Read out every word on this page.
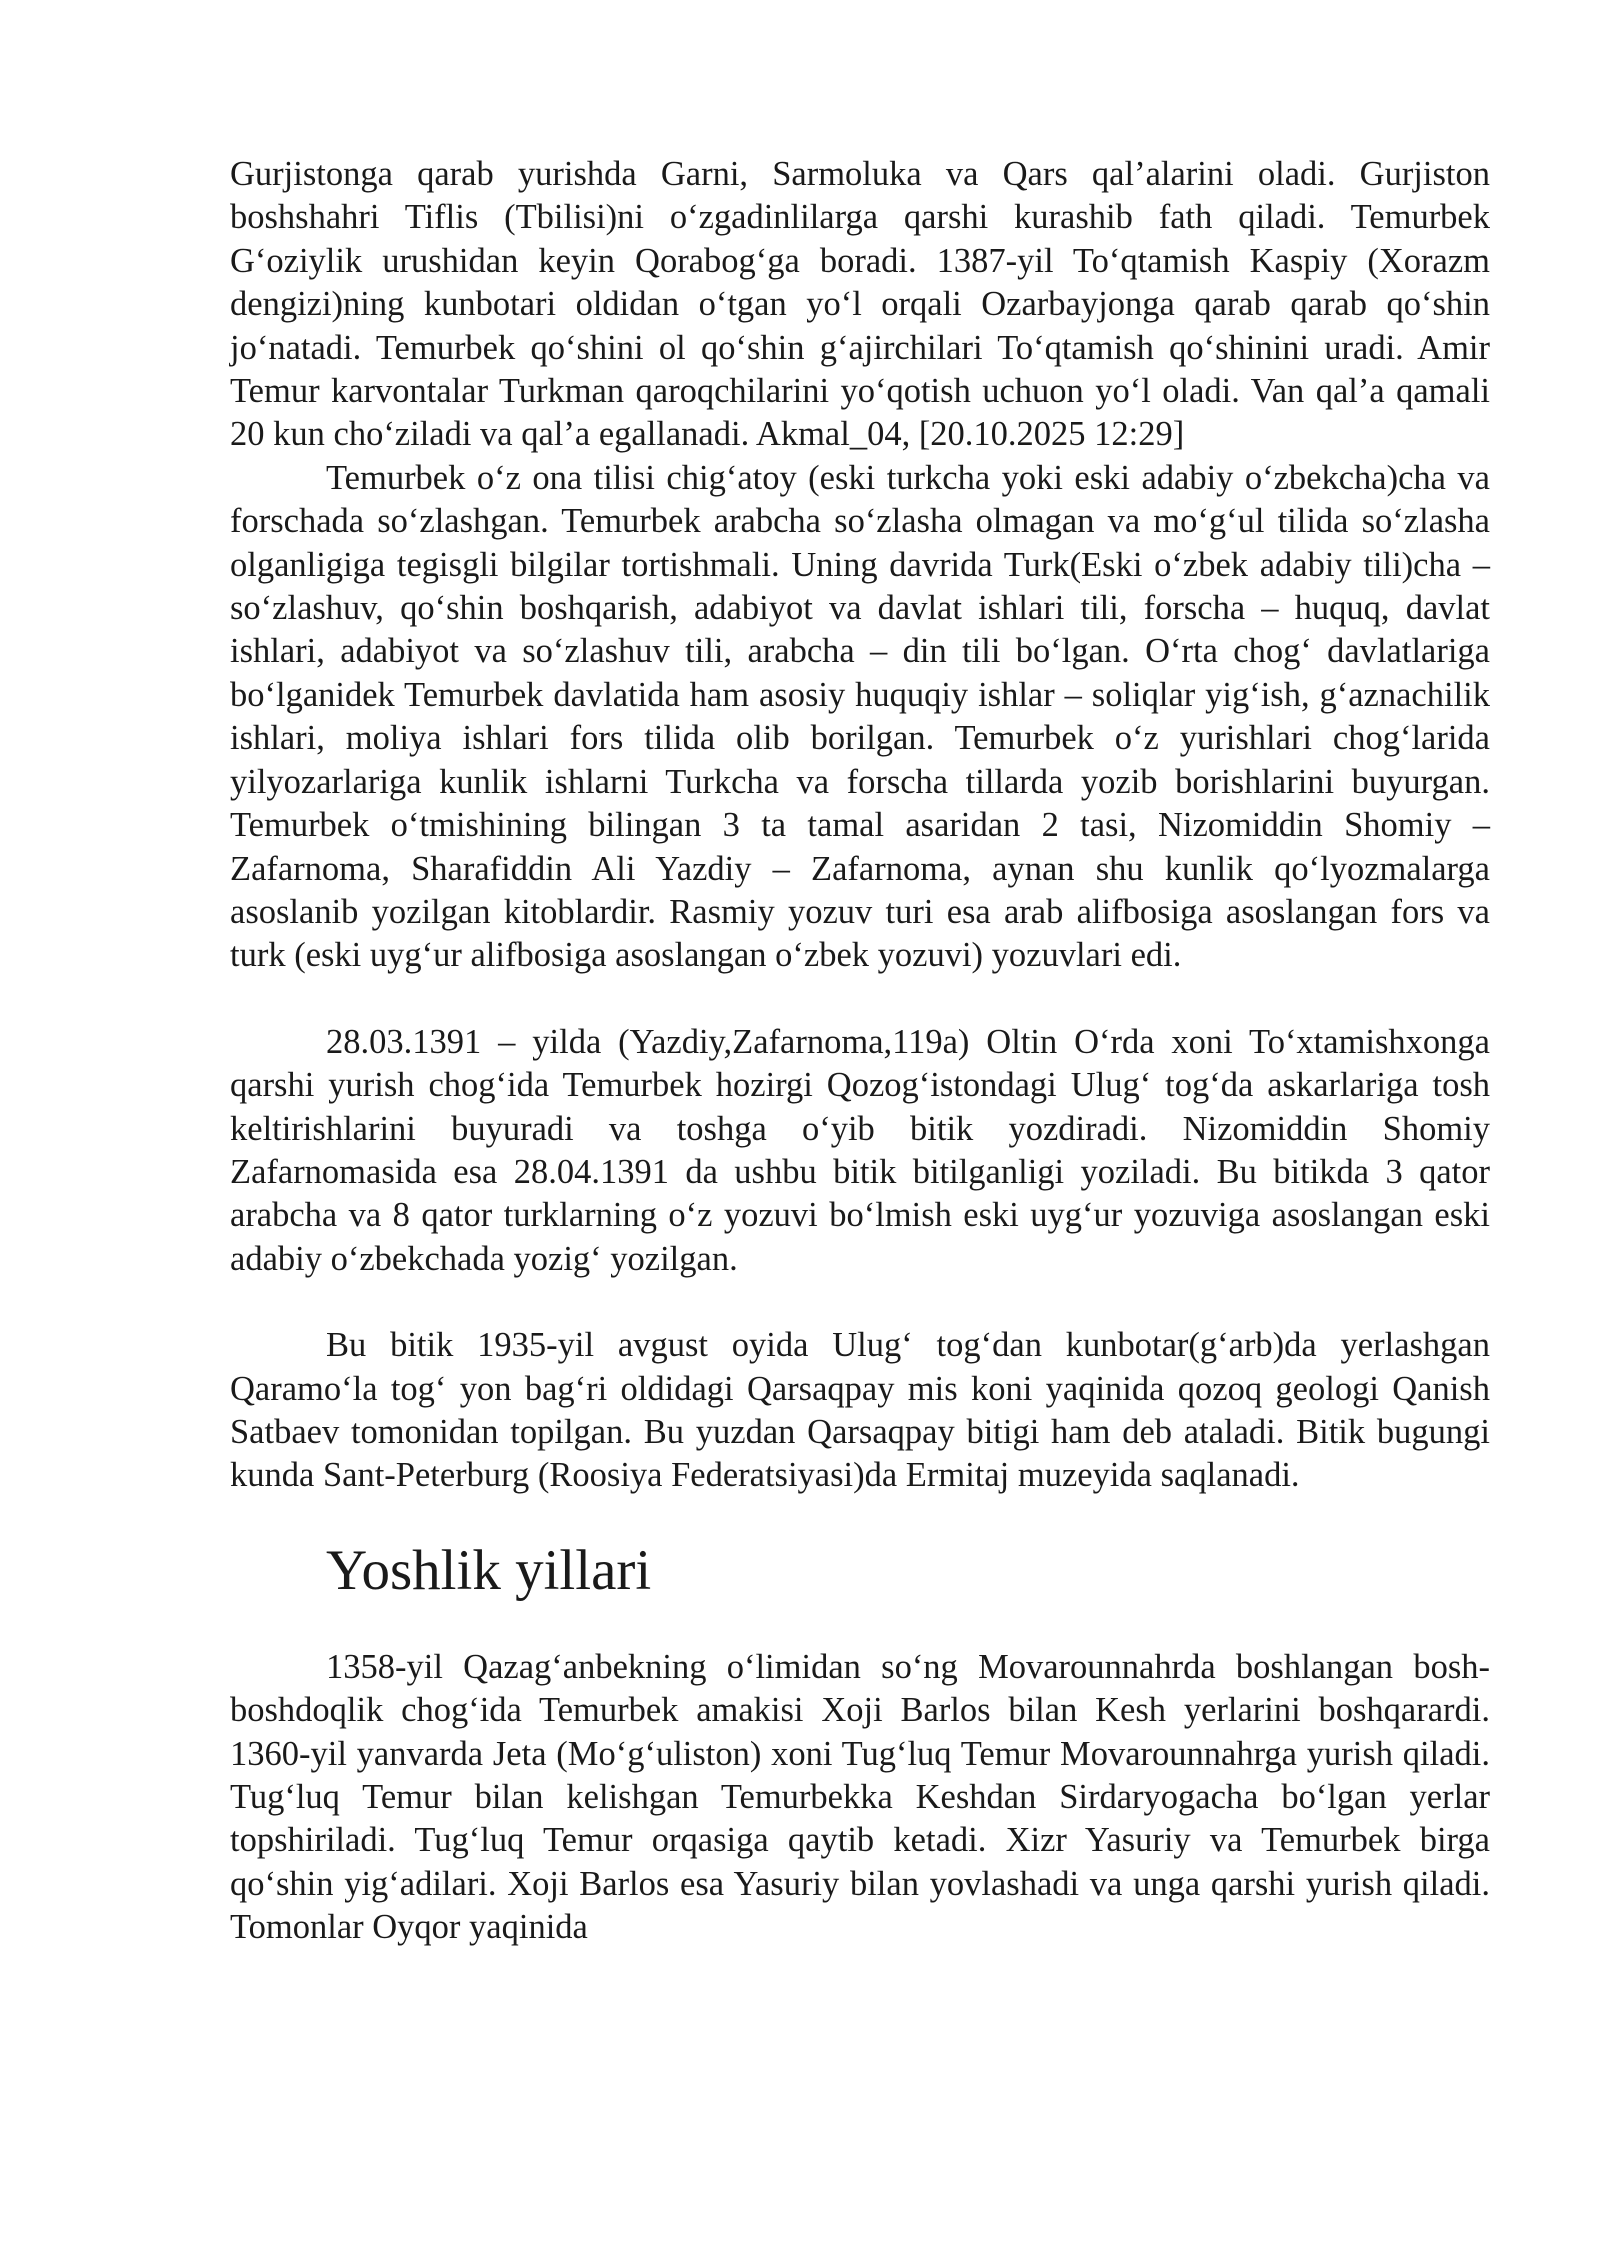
Gurjistonga qarab yurishda Garni, Sarmoluka va Qars qal’alarini oladi. Gurjiston boshshahri Tiflis (Tbilisi)ni o‘zgadinlilarga qarshi kurashib fath qiladi. Temurbek G‘oziylik urushidan keyin Qorabog‘ga boradi. 1387-yil To‘qtamish Kaspiy (Xorazm dengizi)ning kunbotari oldidan o‘tgan yo‘l orqali Ozarbayjonga qarab qarab qo‘shin jo‘natadi. Temurbek qo‘shini ol qo‘shin g‘ajirchilari To‘qtamish qo‘shinini uradi. Amir Temur karvontalar Turkman qaroqchilarini yo‘qotish uchuon yo‘l oladi. Van qal’a qamali 20 kun cho‘ziladi va qal’a egallanadi. Akmal_04, [20.10.2025 12:29]

Temurbek o‘z ona tilisi chig‘atoy (eski turkcha yoki eski adabiy o‘zbekcha)cha va forschada so‘zlashgan. Temurbek arabcha so‘zlasha olmagan va mo‘g‘ul tilida so‘zlasha olganligiga tegisgli bilgilar tortishmali. Uning davrida Turk(Eski o‘zbek adabiy tili)cha – so‘zlashuv, qo‘shin boshqarish, adabiyot va davlat ishlari tili, forscha – huquq, davlat ishlari, adabiyot va so‘zlashuv tili, arabcha – din tili bo‘lgan. O‘rta chog‘ davlatlariga bo‘lganidek Temurbek davlatida ham asosiy huquqiy ishlar – soliqlar yig‘ish, g‘aznachilik ishlari, moliya ishlari fors tilida olib borilgan. Temurbek o‘z yurishlari chog‘larida yilyozarlariga kunlik ishlarni Turkcha va forscha tillarda yozib borishlarini buyurgan. Temurbek o‘tmishining bilingan 3 ta tamal asaridan 2 tasi, Nizomiddin Shomiy – Zafarnoma, Sharafiddin Ali Yazdiy – Zafarnoma, aynan shu kunlik qo‘lyozmalarga asoslanib yozilgan kitoblardir. Rasmiy yozuv turi esa arab alifbosiga asoslangan fors va turk (eski uyg‘ur alifbosiga asoslangan o‘zbek yozuvi) yozuvlari edi.

28.03.1391 – yilda (Yazdiy,Zafarnoma,119a) Oltin O‘rda xoni To‘xtamishxonga qarshi yurish chog‘ida Temurbek hozirgi Qozog‘istondagi Ulug‘ tog‘da askarlariga tosh keltirishlarini buyuradi va toshga o‘yib bitik yozdiradi. Nizomiddin Shomiy Zafarnomasida esa 28.04.1391 da ushbu bitik bitilganligi yoziladi. Bu bitikda 3 qator arabcha va 8 qator turklarning o‘z yozuvi bo‘lmish eski uyg‘ur yozuviga asoslangan eski adabiy o‘zbekchada yozig‘ yozilgan.

Bu bitik 1935-yil avgust oyida Ulug‘ tog‘dan kunbotar(g‘arb)da yerlashgan Qaramo‘la tog‘ yon bag‘ri oldidagi Qarsaqpay mis koni yaqinida qozoq geologi Qanish Satbaev tomonidan topilgan. Bu yuzdan Qarsaqpay bitigi ham deb ataladi. Bitik bugungi kunda Sant-Peterburg (Roosiya Federatsiyasi)da Ermitaj muzeyida saqlanadi.

Yoshlik yillari

1358-yil Qazag‘anbekning o‘limidan so‘ng Movarounnahrda boshlangan bosh-boshdoqlik chog‘ida Temurbek amakisi Xoji Barlos bilan Kesh yerlarini boshqarardi. 1360-yil yanvarda Jeta (Mo‘g‘uliston) xoni Tug‘luq Temur Movarounnahrga yurish qiladi. Tug‘luq Temur bilan kelishgan Temurbekka Keshdan Sirdaryogacha bo‘lgan yerlar topshiriladi. Tug‘luq Temur orqasiga qaytib ketadi. Xizr Yasuriy va Temurbek birga qo‘shin yig‘adilari. Xoji Barlos esa Yasuriy bilan yovlashadi va unga qarshi yurish qiladi. Tomonlar Oyqor yaqinida
